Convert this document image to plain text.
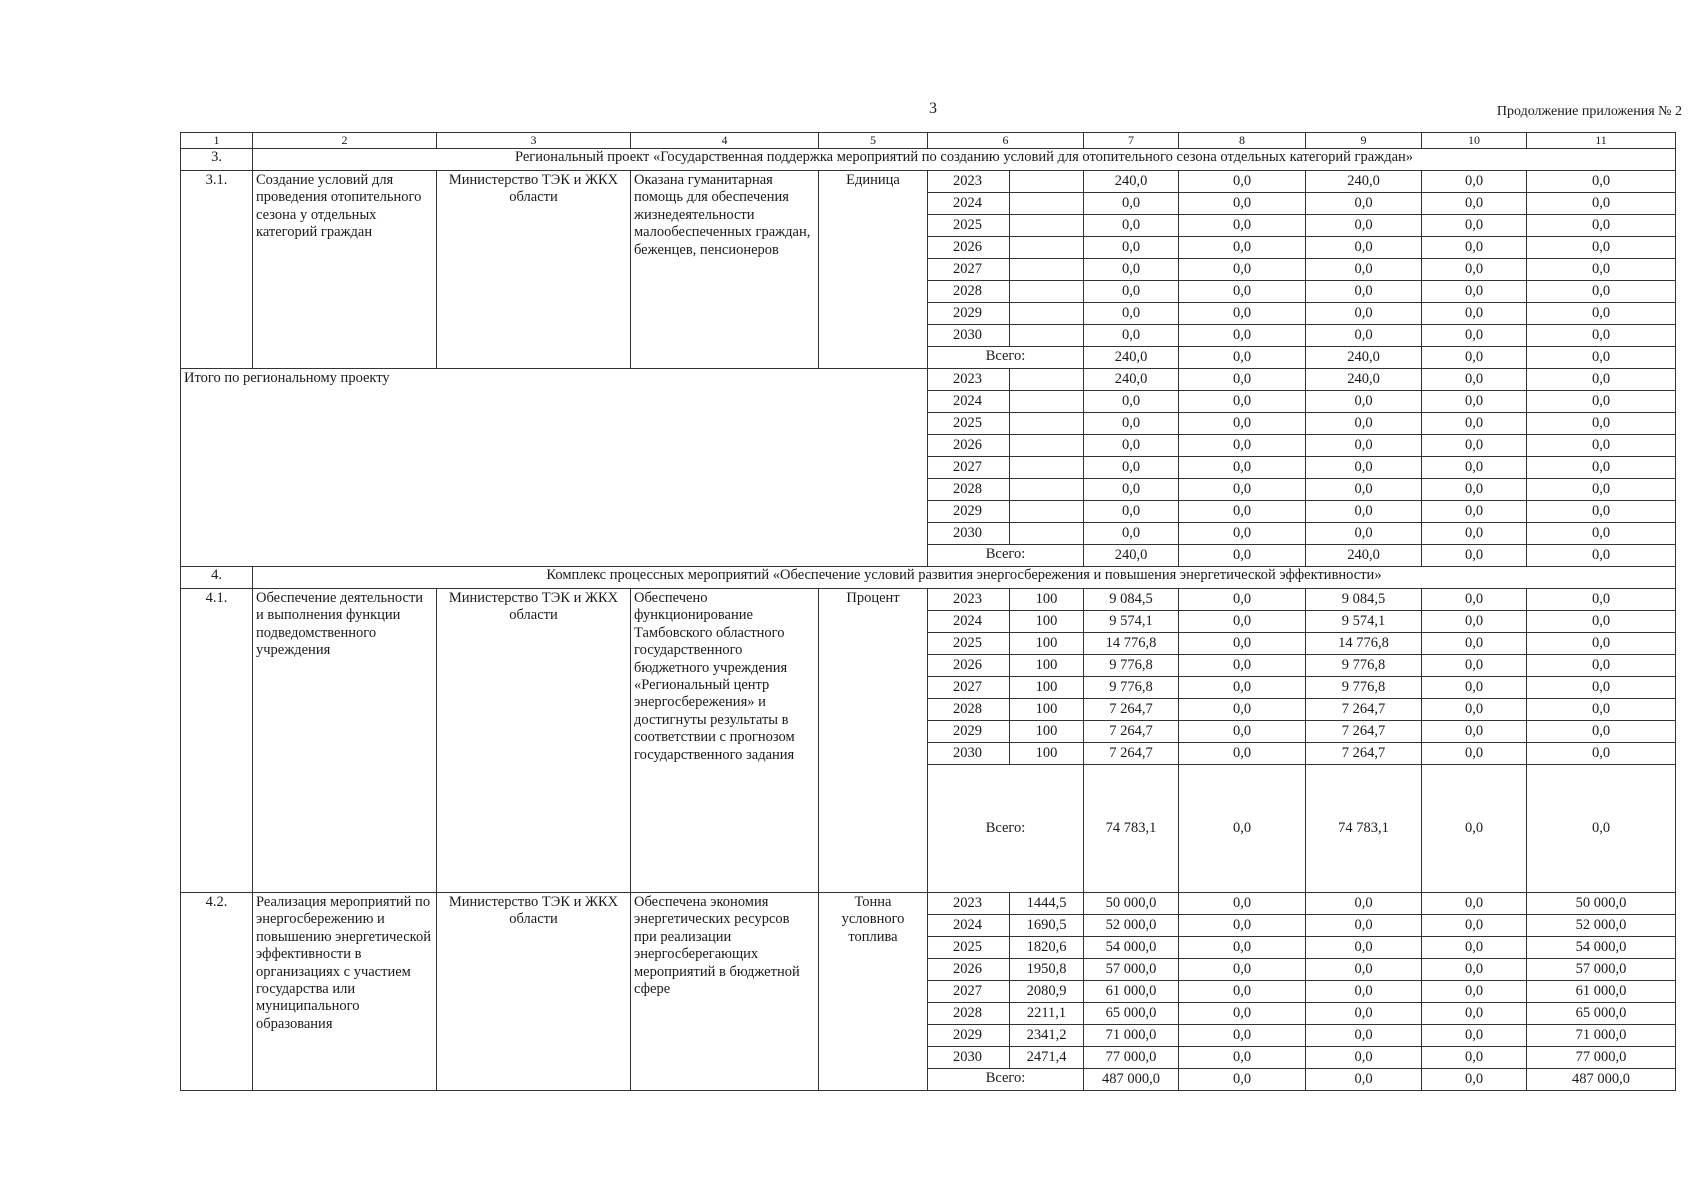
3	Продолжение приложения № 2
1	2	3	4	5	6		7	8	9	10	11
3.	Региональный проект «Государственная поддержка мероприятий по созданию условий для отопительного сезона отдельных категорий граждан»										
3.1.	Создание условий для проведения отопительного сезона у отдельных категорий граждан	Министерство ТЭК и ЖКХ области	Оказана гуманитарная помощь для обеспечения жизнедеятельности малообеспеченных граждан, беженцев, пенсионеров	Единица	2023		240,0	0,0	240,0	0,0	0,0
					2024		0,0	0,0	0,0	0,0	0,0
					2025		0,0	0,0	0,0	0,0	0,0
					2026		0,0	0,0	0,0	0,0	0,0
					2027		0,0	0,0	0,0	0,0	0,0
					2028		0,0	0,0	0,0	0,0	0,0
					2029		0,0	0,0	0,0	0,0	0,0
					2030		0,0	0,0	0,0	0,0	0,0
					Всего:		240,0	0,0	240,0	0,0	0,0
Итого по региональному проекту					2023		240,0	0,0	240,0	0,0	0,0
					2024		0,0	0,0	0,0	0,0	0,0
					2025		0,0	0,0	0,0	0,0	0,0
					2026		0,0	0,0	0,0	0,0	0,0
					2027		0,0	0,0	0,0	0,0	0,0
					2028		0,0	0,0	0,0	0,0	0,0
					2029		0,0	0,0	0,0	0,0	0,0
					2030		0,0	0,0	0,0	0,0	0,0
					Всего:		240,0	0,0	240,0	0,0	0,0
4.	Комплекс процессных мероприятий «Обеспечение условий развития энергосбережения и повышения энергетической эффективности»										
4.1.	Обеспечение деятельности и выполнения функции подведомственного учреждения	Министерство ТЭК и ЖКХ области	Обеспечено функционирование Тамбовского областного государственного бюджетного учреждения «Региональный центр энергосбережения» и достигнуты результаты в соответствии с прогнозом государственного задания	Процент	2023	100	9 084,5	0,0	9 084,5	0,0	0,0
					2024	100	9 574,1	0,0	9 574,1	0,0	0,0
					2025	100	14 776,8	0,0	14 776,8	0,0	0,0
					2026	100	9 776,8	0,0	9 776,8	0,0	0,0
					2027	100	9 776,8	0,0	9 776,8	0,0	0,0
					2028	100	7 264,7	0,0	7 264,7	0,0	0,0
					2029	100	7 264,7	0,0	7 264,7	0,0	0,0
					2030	100	7 264,7	0,0	7 264,7	0,0	0,0
					Всего:		74 783,1	0,0	74 783,1	0,0	0,0
4.2.	Реализация мероприятий по энергосбережению и повышению энергетической эффективности в организациях с участием государства или муниципального образования	Министерство ТЭК и ЖКХ области	Обеспечена экономия энергетических ресурсов при реализации энергосберегающих мероприятий в бюджетной сфере	Тонна условного топлива	2023	1444,5	50 000,0	0,0	0,0	0,0	50 000,0
					2024	1690,5	52 000,0	0,0	0,0	0,0	52 000,0
					2025	1820,6	54 000,0	0,0	0,0	0,0	54 000,0
					2026	1950,8	57 000,0	0,0	0,0	0,0	57 000,0
					2027	2080,9	61 000,0	0,0	0,0	0,0	61 000,0
					2028	2211,1	65 000,0	0,0	0,0	0,0	65 000,0
					2029	2341,2	71 000,0	0,0	0,0	0,0	71 000,0
					2030	2471,4	77 000,0	0,0	0,0	0,0	77 000,0
					Всего:		487 000,0	0,0	0,0	0,0	487 000,0
